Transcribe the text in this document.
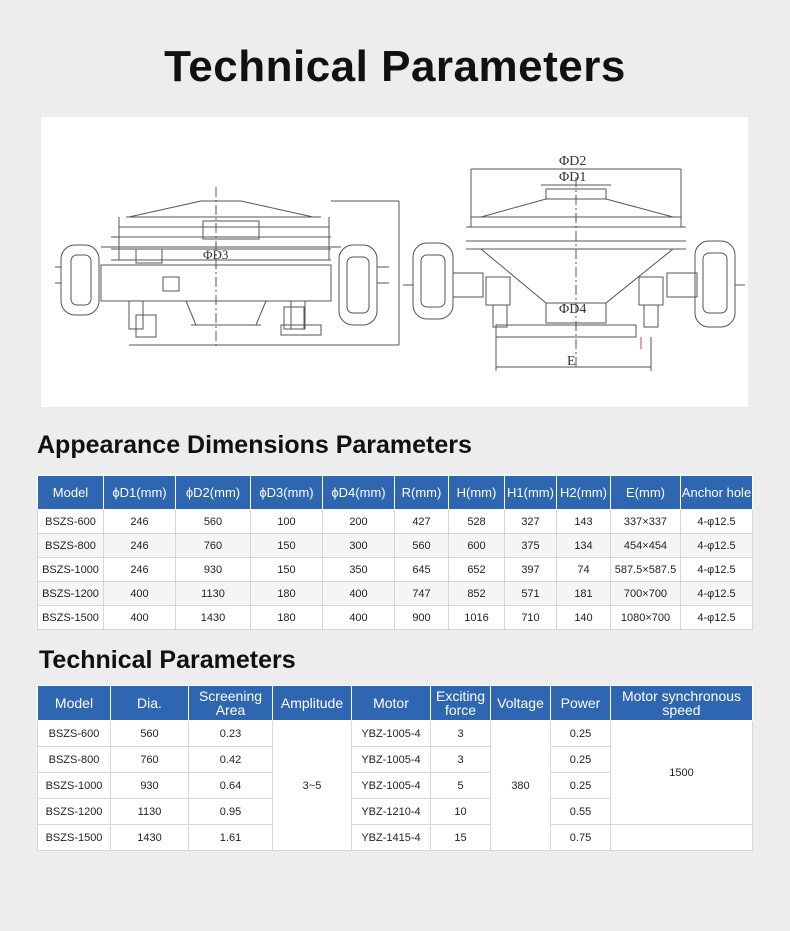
Technical Parameters
ΦD3
ΦD2
ΦD1
ΦD4
E
Appearance Dimensions Parameters
Model	ϕD1(mm)	ϕD2(mm)	ϕD3(mm)	ϕD4(mm)	R(mm)	H(mm)	H1(mm)	H2(mm)	E(mm)	Anchor hole
BSZS-600	246	560	100	200	427	528	327	143	337×337	4-φ12.5
BSZS-800	246	760	150	300	560	600	375	134	454×454	4-φ12.5
BSZS-1000	246	930	150	350	645	652	397	74	587.5×587.5	4-φ12.5
BSZS-1200	400	1130	180	400	747	852	571	181	700×700	4-φ12.5
BSZS-1500	400	1430	180	400	900	1016	710	140	1080×700	4-φ12.5
Technical Parameters
Model	Dia.	Screening Area	Amplitude	Motor	Exciting force	Voltage	Power	Motor synchronous speed
BSZS-600	560	0.23	3~5	YBZ-1005-4	3	380	0.25	1500
BSZS-800	760	0.42		YBZ-1005-4	3		0.25	
BSZS-1000	930	0.64		YBZ-1005-4	5		0.25	
BSZS-1200	1130	0.95		YBZ-1210-4	10		0.55	
BSZS-1500	1430	1.61		YBZ-1415-4	15		0.75	
